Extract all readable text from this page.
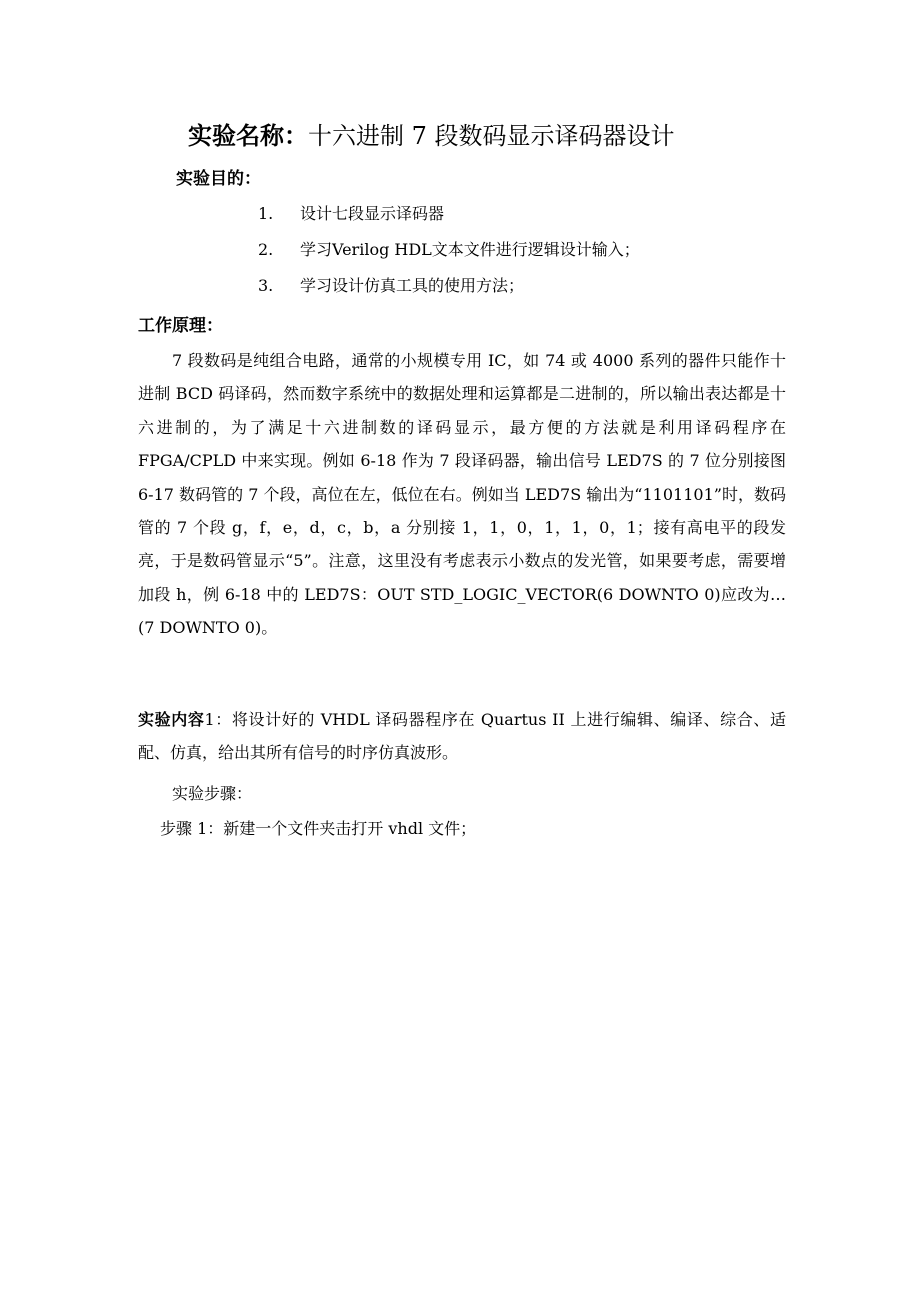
实验名称：十六进制 7 段数码显示译码器设计
实验目的：
1. 设计七段显示译码器
2. 学习Verilog HDL文本文件进行逻辑设计输入；
3. 学习设计仿真工具的使用方法；
工作原理：

7 段数码是纯组合电路，通常的小规模专用 IC，如 74 或 4000 系列的器件只能作十进制 BCD 码译码，然而数字系统中的数据处理和运算都是二进制的，所以输出表达都是十六进制的，为了满足十六进制数的译码显示，最方便的方法就是利用译码程序在 FPGA/CPLD 中来实现。例如 6-18 作为 7 段译码器，输出信号 LED7S 的 7 位分别接图 6-17 数码管的 7 个段，高位在左，低位在右。例如当 LED7S 输出为“1101101”时，数码管的 7 个段 g，f，e，d，c，b，a 分别接 1，1，0，1，1，0，1；接有高电平的段发亮，于是数码管显示“5”。注意，这里没有考虑表示小数点的发光管，如果要考虑，需要增加段 h，例 6-18 中的 LED7S：OUT STD_LOGIC_VECTOR(6 DOWNTO 0)应改为…(7 DOWNTO 0)。

实验内容1：将设计好的 VHDL 译码器程序在 Quartus II 上进行编辑、编译、综合、适配、仿真，给出其所有信号的时序仿真波形。

实验步骤：
步骤 1：新建一个文件夹击打开 vhdl 文件；
